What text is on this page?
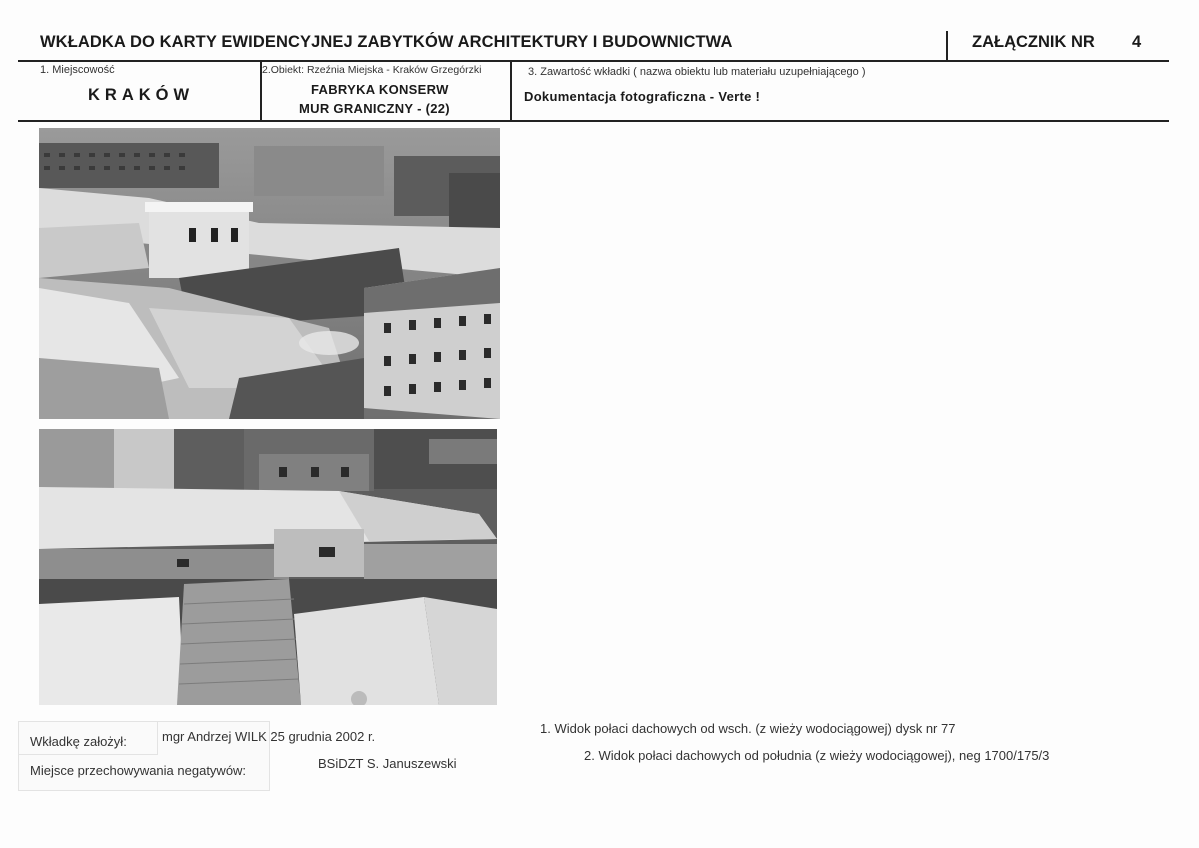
WKŁADKA DO KARTY EWIDENCYJNEJ ZABYTKÓW ARCHITEKTURY I BUDOWNICTWA	ZAŁĄCZNIK NR 4
1. Miejscowość
KRAKÓW
2.Obiekt: Rzeźnia Miejska - Kraków Grzegórzki
FABRYKA KONSERW
MUR GRANICZNY - (22)
3. Zawartość wkładki ( nazwa obiektu lub materiału uzupełniającego )
Dokumentacja fotograficzna - Verte !
1. Widok połaci dachowych od wsch. (z wieży wodociągowej) dysk nr 77
2. Widok połaci dachowych od południa (z wieży wodociągowej), neg 1700/175/3
Wkładkę założył:	mgr Andrzej WILK 25 grudnia 2002 r.
Miejsce przechowywania negatywów:	BSiDZT S. Januszewski
